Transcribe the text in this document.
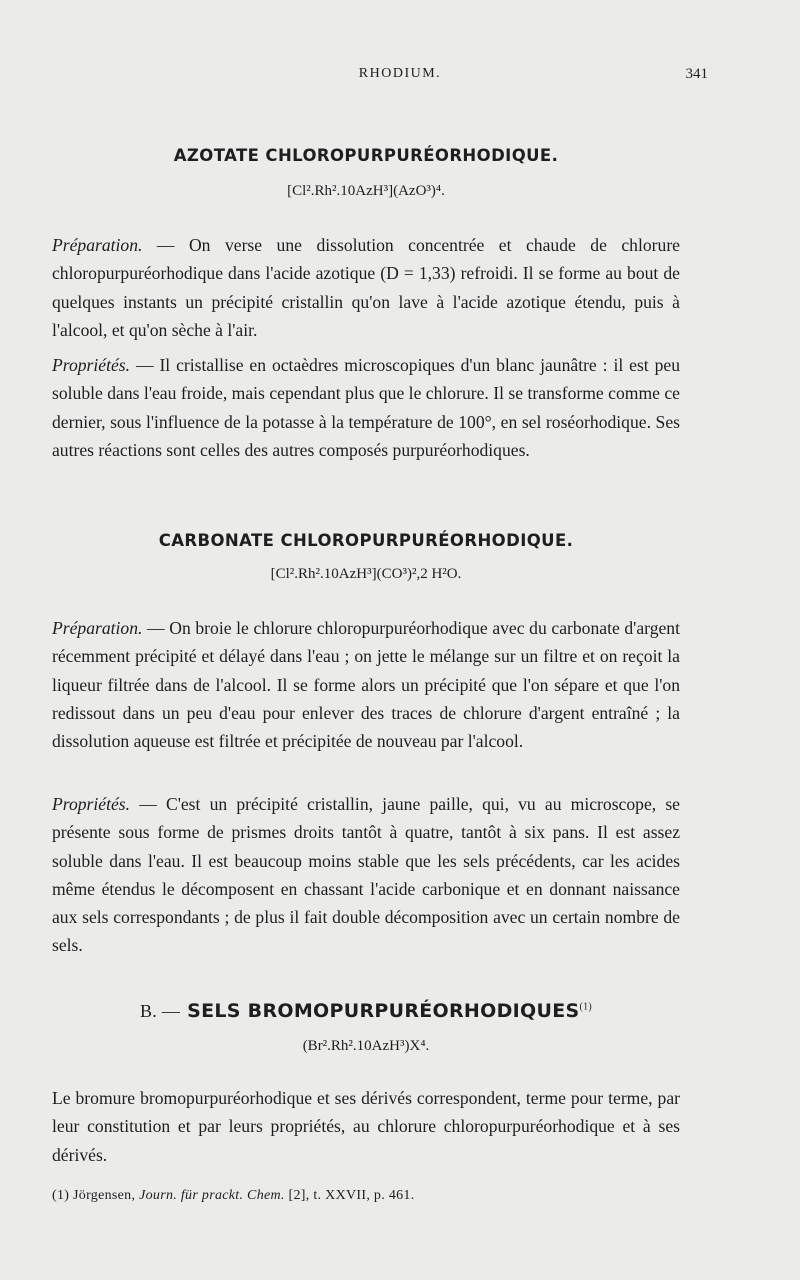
RHODIUM.	341
AZOTATE CHLOROPURPURÉORHODIQUE.

[Cl².Rh².10AzH³](AzO³)⁴.

Préparation. — On verse une dissolution concentrée et chaude de chlorure chloropurpuréorhodique dans l'acide azotique (D = 1,33) refroidi. Il se forme au bout de quelques instants un précipité cristallin qu'on lave à l'acide azotique étendu, puis à l'alcool, et qu'on sèche à l'air.

Propriétés. — Il cristallise en octaèdres microscopiques d'un blanc jaunâtre : il est peu soluble dans l'eau froide, mais cependant plus que le chlorure. Il se transforme comme ce dernier, sous l'influence de la potasse à la température de 100°, en sel roséorhodique. Ses autres réactions sont celles des autres composés purpuréorhodiques.

CARBONATE CHLOROPURPURÉORHODIQUE.

[Cl².Rh².10AzH³](CO³)²,2 H²O.

Préparation. — On broie le chlorure chloropurpuréorhodique avec du carbonate d'argent récemment précipité et délayé dans l'eau ; on jette le mélange sur un filtre et on reçoit la liqueur filtrée dans de l'alcool. Il se forme alors un précipité que l'on sépare et que l'on redissout dans un peu d'eau pour enlever des traces de chlorure d'argent entraîné ; la dissolution aqueuse est filtrée et précipitée de nouveau par l'alcool.

Propriétés. — C'est un précipité cristallin, jaune paille, qui, vu au microscope, se présente sous forme de prismes droits tantôt à quatre, tantôt à six pans. Il est assez soluble dans l'eau. Il est beaucoup moins stable que les sels précédents, car les acides même étendus le décomposent en chassant l'acide carbonique et en donnant naissance aux sels correspondants ; de plus il fait double décomposition avec un certain nombre de sels.

B. — SELS BROMOPURPURÉORHODIQUES$^{(1)}$

(Br².Rh².10AzH³)X⁴.

Le bromure bromopurpuréorhodique et ses dérivés correspondent, terme pour terme, par leur constitution et par leurs propriétés, au chlorure chloropurpuréorhodique et à ses dérivés.

(1) Jörgensen, Journ. für prackt. Chem. [2], t. XXVII, p. 461.
